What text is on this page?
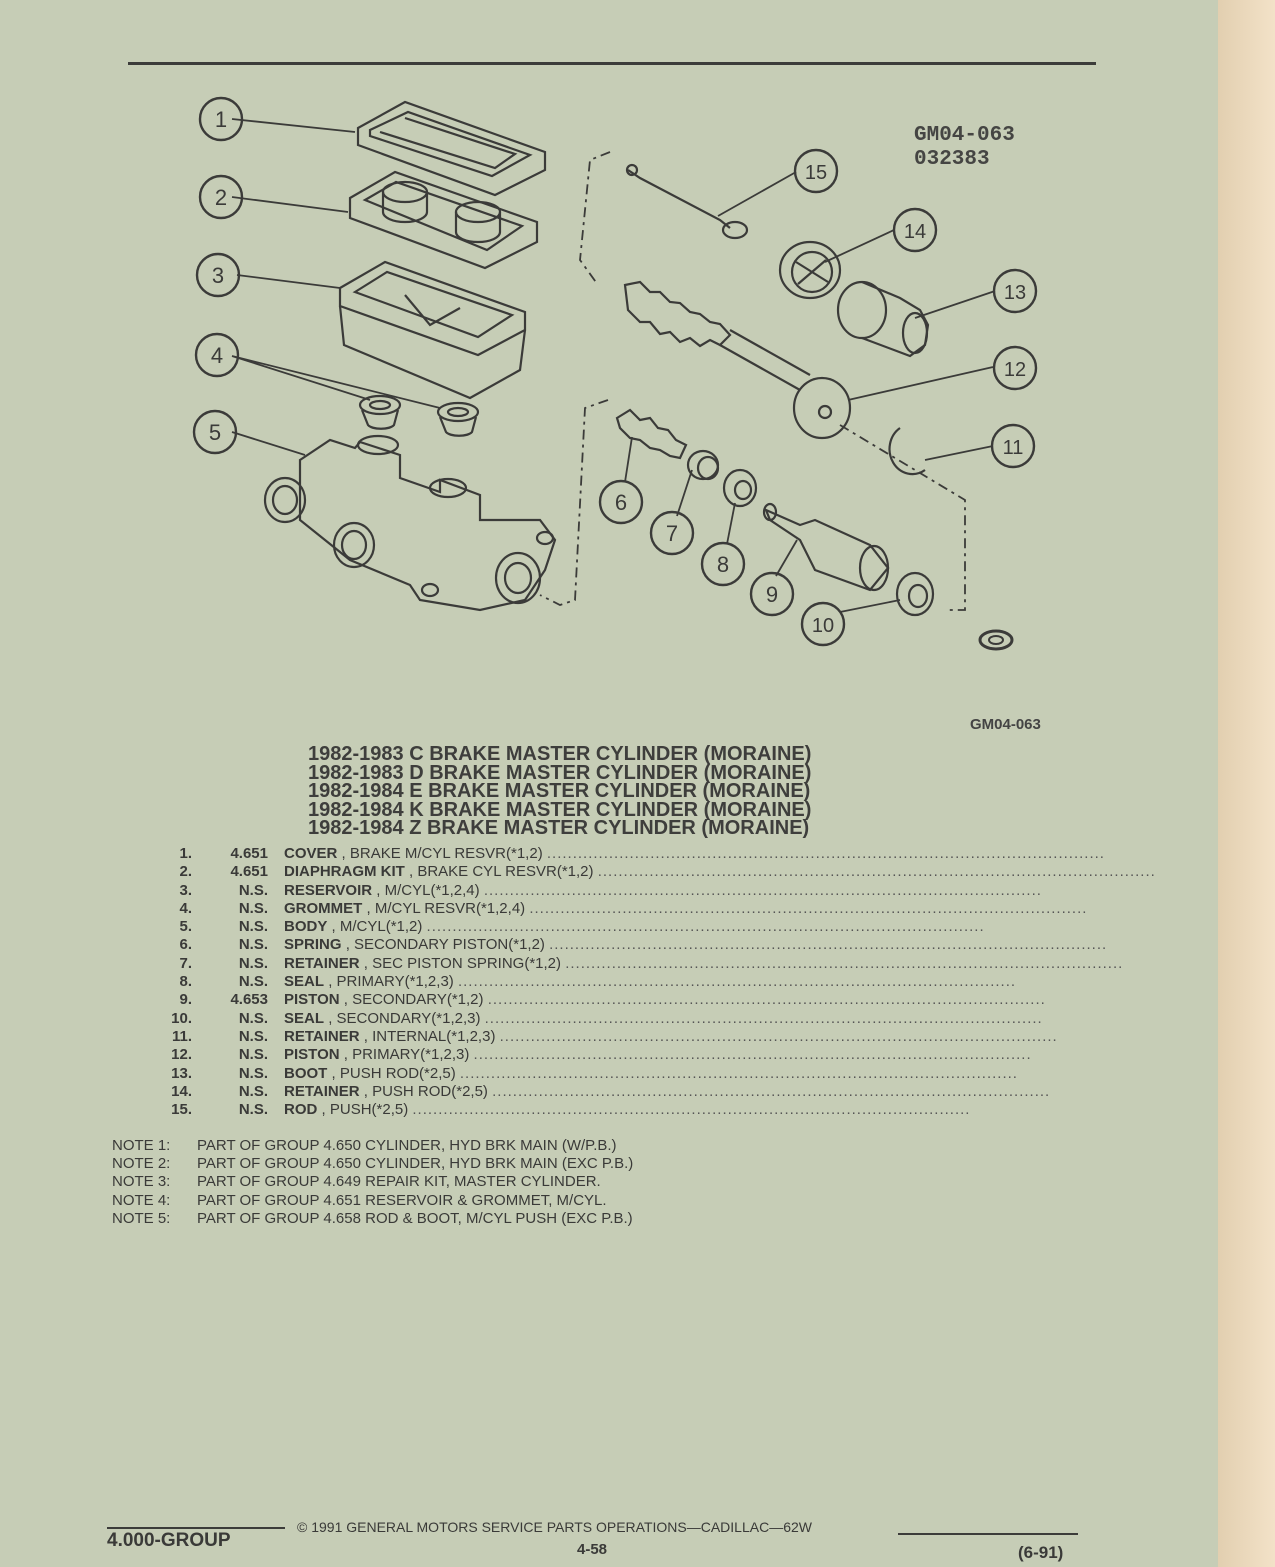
1
2
3
4
5
6
7
8
9
10
11
12
13
14
15
GM04-063
032383
GM04-063
1982-1983 C BRAKE MASTER CYLINDER (MORAINE)
1982-1983 D BRAKE MASTER CYLINDER (MORAINE)
1982-1984 E BRAKE MASTER CYLINDER (MORAINE)
1982-1984 K BRAKE MASTER CYLINDER (MORAINE)
1982-1984 Z BRAKE MASTER CYLINDER (MORAINE)
1.	4.651 COVER , BRAKE M/CYL RESVR(*1,2) ............................................................................................................
2.	4.651 DIAPHRAGM KIT , BRAKE CYL RESVR(*1,2) ............................................................................................................
3.	N.S. RESERVOIR , M/CYL(*1,2,4) ............................................................................................................
4.	N.S. GROMMET , M/CYL RESVR(*1,2,4) ............................................................................................................
5.	N.S. BODY , M/CYL(*1,2) ............................................................................................................
6.	N.S. SPRING , SECONDARY PISTON(*1,2) ............................................................................................................
7.	N.S. RETAINER , SEC PISTON SPRING(*1,2) ............................................................................................................
8.	N.S. SEAL , PRIMARY(*1,2,3) ............................................................................................................
9.	4.653 PISTON , SECONDARY(*1,2) ............................................................................................................
10.	N.S. SEAL , SECONDARY(*1,2,3) ............................................................................................................
11.	N.S. RETAINER , INTERNAL(*1,2,3) ............................................................................................................
12.	N.S. PISTON , PRIMARY(*1,2,3) ............................................................................................................
13.	N.S. BOOT , PUSH ROD(*2,5) ............................................................................................................
14.	N.S. RETAINER , PUSH ROD(*2,5) ............................................................................................................
15.	N.S. ROD , PUSH(*2,5) ............................................................................................................
NOTE 1: PART OF GROUP 4.650 CYLINDER, HYD BRK MAIN (W/P.B.)
NOTE 2: PART OF GROUP 4.650 CYLINDER, HYD BRK MAIN (EXC P.B.)
NOTE 3: PART OF GROUP 4.649 REPAIR KIT, MASTER CYLINDER.
NOTE 4: PART OF GROUP 4.651 RESERVOIR & GROMMET, M/CYL.
NOTE 5: PART OF GROUP 4.658 ROD & BOOT, M/CYL PUSH (EXC P.B.)
4.000-GROUP
© 1991 GENERAL MOTORS SERVICE PARTS OPERATIONS—CADILLAC—62W
4-58	(6-91)
